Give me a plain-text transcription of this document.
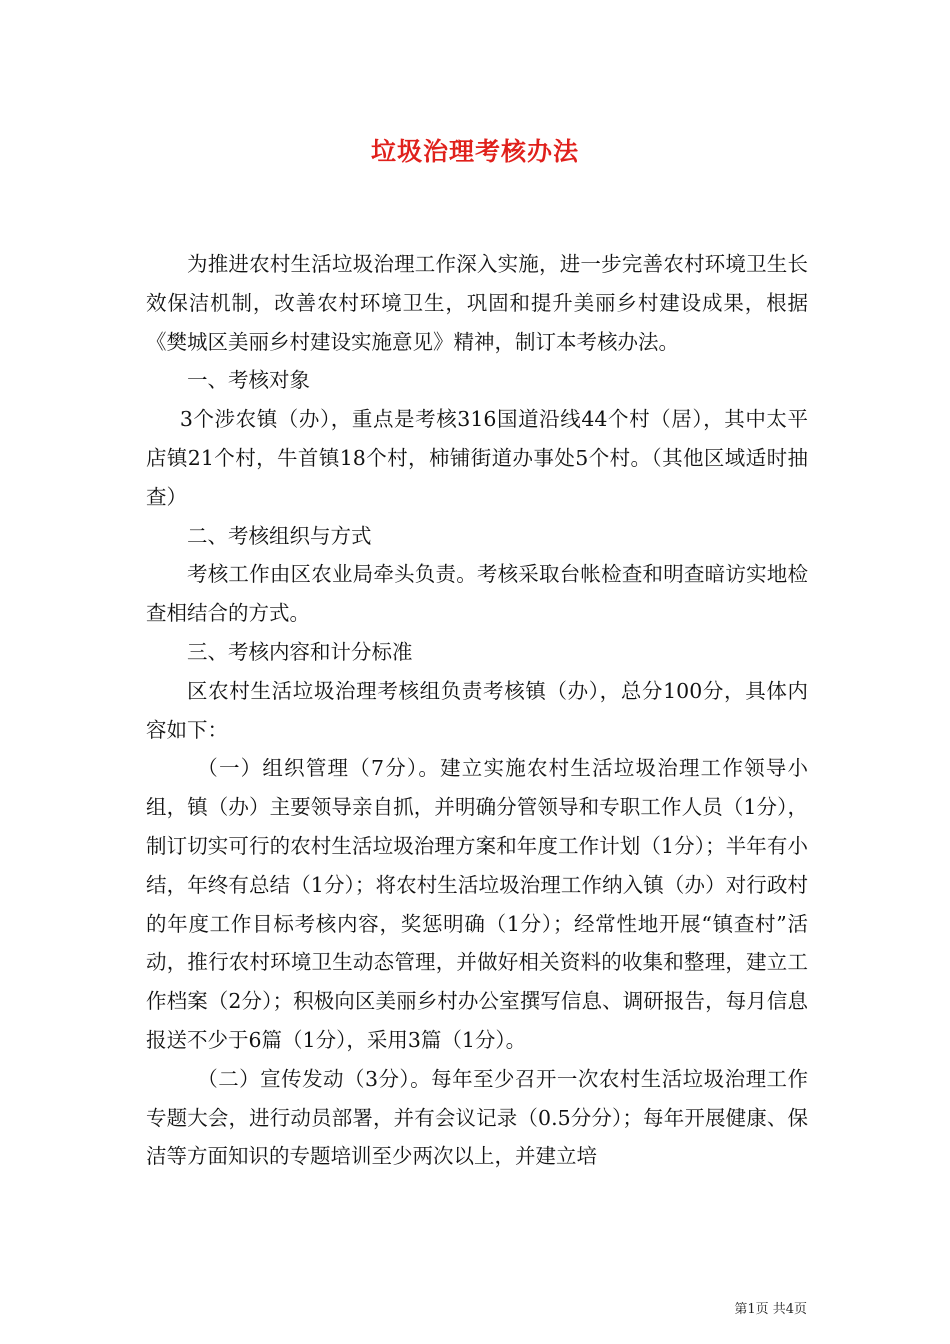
垃圾治理考核办法

为推进农村生活垃圾治理工作深入实施，进一步完善农村环境卫生长效保洁机制，改善农村环境卫生，巩固和提升美丽乡村建设成果，根据《樊城区美丽乡村建设实施意见》精神，制订本考核办法。

一、考核对象

3个涉农镇（办），重点是考核316国道沿线44个村（居），其中太平店镇21个村，牛首镇18个村，柿铺街道办事处5个村。（其他区域适时抽查）

二、考核组织与方式

考核工作由区农业局牵头负责。考核采取台帐检查和明查暗访实地检查相结合的方式。

三、考核内容和计分标准

区农村生活垃圾治理考核组负责考核镇（办），总分100分，具体内容如下：

（一）组织管理（7分）。建立实施农村生活垃圾治理工作领导小组，镇（办）主要领导亲自抓，并明确分管领导和专职工作人员（1分），制订切实可行的农村生活垃圾治理方案和年度工作计划（1分）；半年有小结，年终有总结（1分）；将农村生活垃圾治理工作纳入镇（办）对行政村的年度工作目标考核内容，奖惩明确（1分）；经常性地开展“镇查村”活动，推行农村环境卫生动态管理，并做好相关资料的收集和整理，建立工作档案（2分）；积极向区美丽乡村办公室撰写信息、调研报告，每月信息报送不少于6篇（1分），采用3篇（1分）。

（二）宣传发动（3分）。每年至少召开一次农村生活垃圾治理工作专题大会，进行动员部署，并有会议记录（0.5分分）；每年开展健康、保洁等方面知识的专题培训至少两次以上，并建立培

第1页 共4页
